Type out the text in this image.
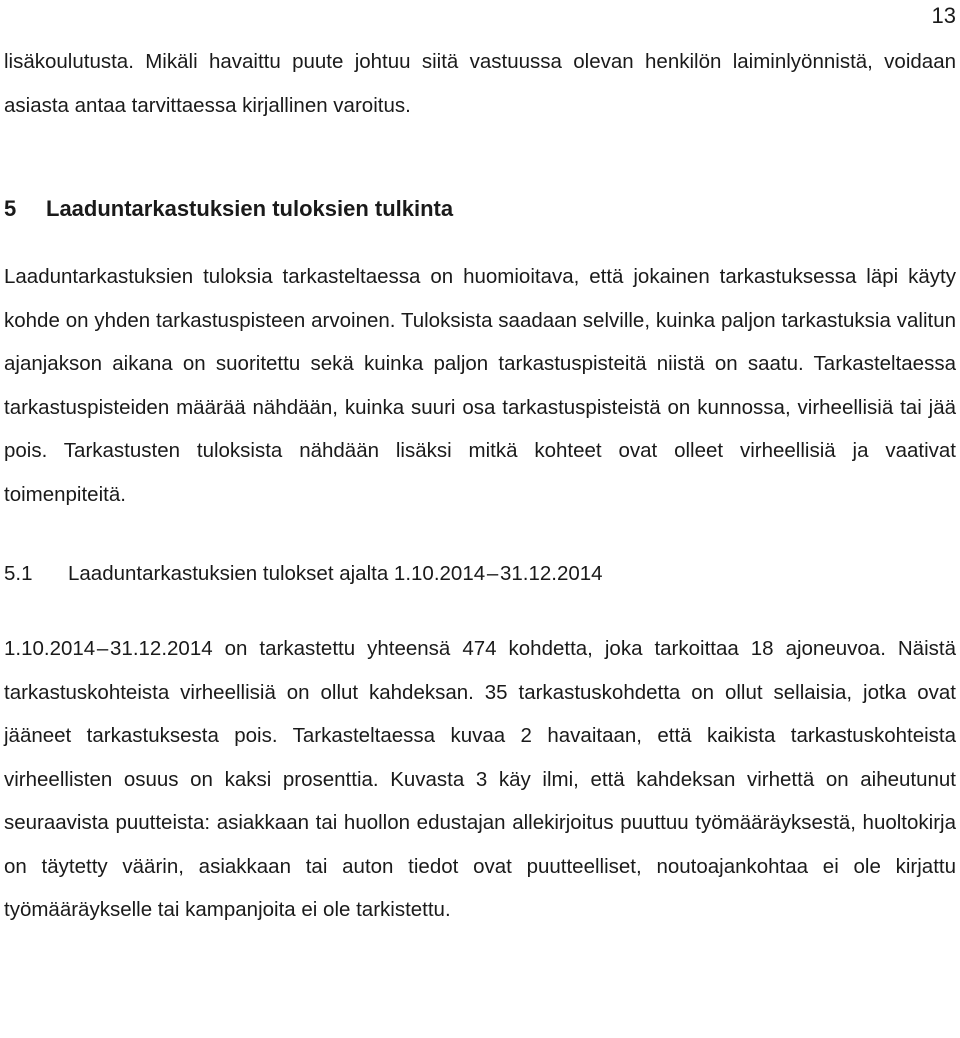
13

lisäkoulutusta. Mikäli havaittu puute johtuu siitä vastuussa olevan henkilön laiminlyönnistä, voidaan asiasta antaa tarvittaessa kirjallinen varoitus.

5	Laaduntarkastuksien tuloksien tulkinta

Laaduntarkastuksien tuloksia tarkasteltaessa on huomioitava, että jokainen tarkastuksessa läpi käyty kohde on yhden tarkastuspisteen arvoinen. Tuloksista saadaan selville, kuinka paljon tarkastuksia valitun ajanjakson aikana on suoritettu sekä kuinka paljon tarkastuspisteitä niistä on saatu. Tarkasteltaessa tarkastuspisteiden määrää nähdään, kuinka suuri osa tarkastuspisteistä on kunnossa, virheellisiä tai jää pois. Tarkastusten tuloksista nähdään lisäksi mitkä kohteet ovat olleet virheellisiä ja vaativat toimenpiteitä.

5.1	Laaduntarkastuksien tulokset ajalta 1.10.2014 – 31.12.2014

1.10.2014 – 31.12.2014 on tarkastettu yhteensä 474 kohdetta, joka tarkoittaa 18 ajoneuvoa. Näistä tarkastuskohteista virheellisiä on ollut kahdeksan. 35 tarkastuskohdetta on ollut sellaisia, jotka ovat jääneet tarkastuksesta pois. Tarkasteltaessa kuvaa 2 havaitaan, että kaikista tarkastuskohteista virheellisten osuus on kaksi prosenttia. Kuvasta 3 käy ilmi, että kahdeksan virhettä on aiheutunut seuraavista puutteista: asiakkaan tai huollon edustajan allekirjoitus puuttuu työmääräyksestä, huoltokirja on täytetty väärin, asiakkaan tai auton tiedot ovat puutteelliset, noutoajankohtaa ei ole kirjattu työmääräykselle tai kampanjoita ei ole tarkistettu.
